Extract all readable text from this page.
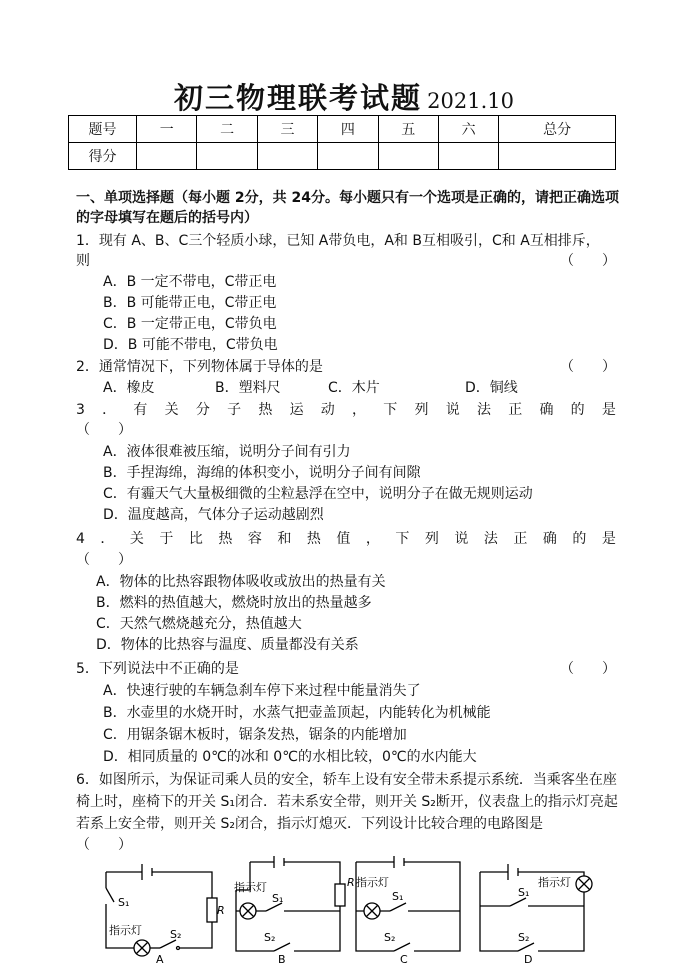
初三物理联考试题 2021.10
题号	一	二	三	四	五	六	总分
得分							
一、单项选择题（每小题 2分，共 24分。每小题只有一个选项是正确的，请把正确选项
的字母填写在题后的括号内）
1．现有 A、B、C三个轻质小球，已知 A带负电，A和 B互相吸引，C和 A互相排斥，
则	（　　）
A．B 一定不带电，C带正电
B．B 可能带正电，C带正电
C．B 一定带正电，C带负电
D．B 可能不带电，C带负电
2．通常情况下，下列物体属于导体的是	（　　）
A．橡皮	B．塑料尺	C．木片	D．铜线
3 ． 有 关 分 子 热 运 动 ， 下 列 说 法 正 确 的 是
（　　）
A．液体很难被压缩，说明分子间有引力
B．手捏海绵，海绵的体积变小，说明分子间有间隙
C．有霾天气大量极细微的尘粒悬浮在空中，说明分子在做无规则运动
D．温度越高，气体分子运动越剧烈
4 ． 关 于 比 热 容 和 热 值 ， 下 列 说 法 正 确 的 是
（　　）
A．物体的比热容跟物体吸收或放出的热量有关
B．燃料的热值越大，燃烧时放出的热量越多
C．天然气燃烧越充分，热值越大
D．物体的比热容与温度、质量都没有关系
5．下列说法中不正确的是	（　　）
A．快速行驶的车辆急刹车停下来过程中能量消失了
B．水壶里的水烧开时，水蒸气把壶盖顶起，内能转化为机械能
C．用锯条锯木板时，锯条发热，锯条的内能增加
D．相同质量的 0℃的冰和 0℃的水相比较，0℃的水内能大
6．如图所示，为保证司乘人员的安全，轿车上设有安全带未系提示系统．当乘客坐在座
椅上时，座椅下的开关 S₁闭合．若未系安全带，则开关 S₂断开，仪表盘上的指示灯亮起
若系上安全带，则开关 S₂闭合，指示灯熄灭．下列设计比较合理的电路图是
（　　）
指示灯
S₁
S₂
R
A
指示灯
S₁
S₂
R
B
指示灯
S₁
S₂
C
指示灯
S₁
S₂
D
